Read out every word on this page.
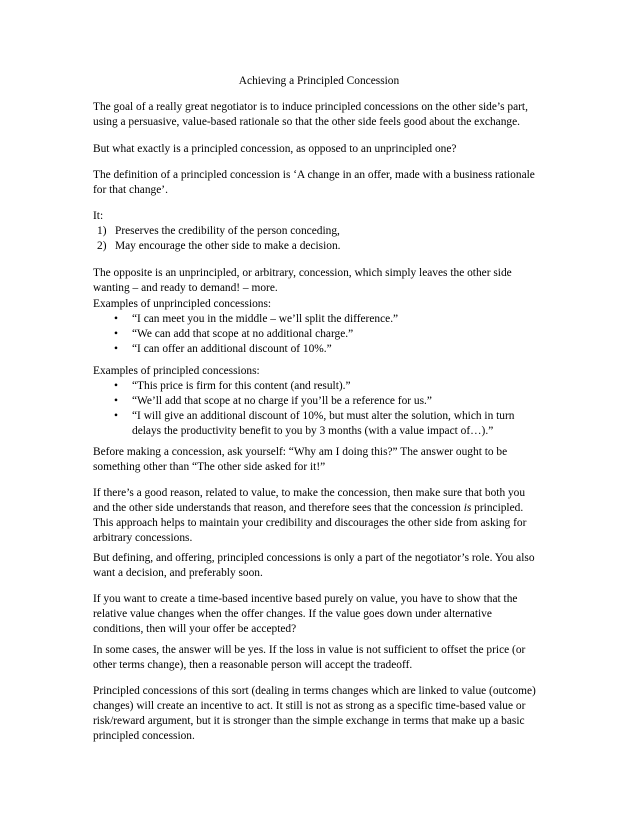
Achieving a Principled Concession

The goal of a really great negotiator is to induce principled concessions on the other side’s part,

using a persuasive, value-based rationale so that the other side feels good about the exchange.

But what exactly is a principled concession, as opposed to an unprincipled one?

The definition of a principled concession is ‘A change in an offer, made with a business rationale

for that change’.

It:

1) Preserves the credibility of the person conceding,
2) May encourage the other side to make a decision.

The opposite is an unprincipled, or arbitrary, concession, which simply leaves the other side

wanting – and ready to demand! – more.

Examples of unprincipled concessions:

• “I can meet you in the middle – we’ll split the difference.”
• “We can add that scope at no additional charge.”
• “I can offer an additional discount of 10%.”

Examples of principled concessions:

• “This price is firm for this content (and result).”
• “We’ll add that scope at no charge if you’ll be a reference for us.”
• “I will give an additional discount of 10%, but must alter the solution, which in turn
delays the productivity benefit to you by 3 months (with a value impact of…).”

Before making a concession, ask yourself: “Why am I doing this?” The answer ought to be

something other than “The other side asked for it!”

If there’s a good reason, related to value, to make the concession, then make sure that both you

and the other side understands that reason, and therefore sees that the concession is principled.

This approach helps to maintain your credibility and discourages the other side from asking for

arbitrary concessions.

But defining, and offering, principled concessions is only a part of the negotiator’s role. You also

want a decision, and preferably soon.

If you want to create a time-based incentive based purely on value, you have to show that the

relative value changes when the offer changes. If the value goes down under alternative

conditions, then will your offer be accepted?

In some cases, the answer will be yes. If the loss in value is not sufficient to offset the price (or

other terms change), then a reasonable person will accept the tradeoff.

Principled concessions of this sort (dealing in terms changes which are linked to value (outcome)

changes) will create an incentive to act. It still is not as strong as a specific time-based value or

risk/reward argument, but it is stronger than the simple exchange in terms that make up a basic

principled concession.
